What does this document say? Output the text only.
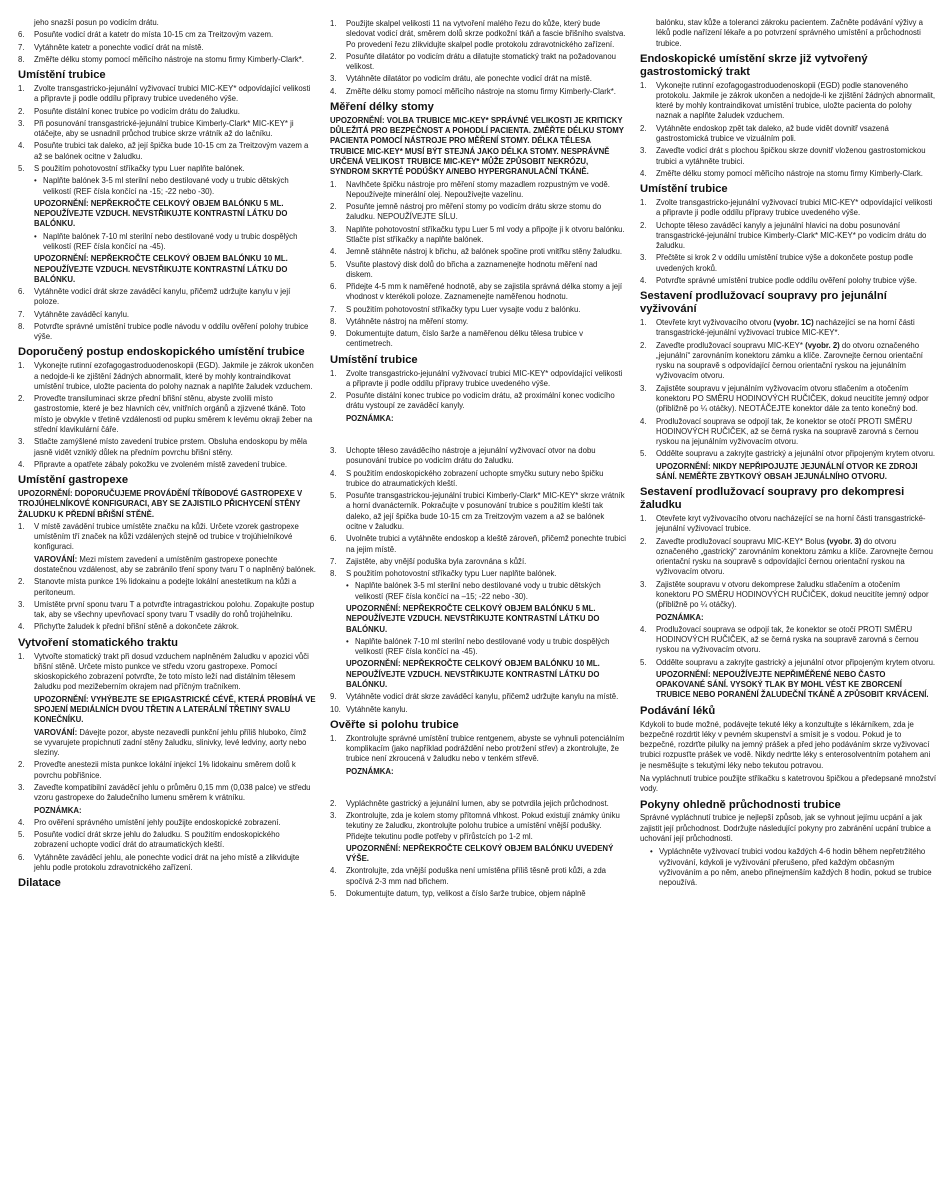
jeho snazší posun po vodicím drátu.
6.	Posuňte vodicí drát a katetr do místa 10-15 cm za Treitzovým vazem.
7.	Vytáhněte katetr a ponechte vodicí drát na místě.
8.	Změřte délku stomy pomocí měřicího nástroje na stomu firmy Kimberly-Clark*.
Umístění trubice
1.	Zvolte transgastricko-jejunální vyživovací trubici MIC-KEY* odpovídající velikosti a připravte ji podle oddílu přípravy trubice uvedeného výše.
2.	Posuňte distální konec trubice po vodicím drátu do žaludku.
3.	Při posunování transgastrické-jejunální trubice Kimberly-Clark* MIC-KEY* ji otáčejte, aby se usnadnil průchod trubice skrze vrátník až do lačníku.
4.	Posuňte trubici tak daleko, až její špička bude 10-15 cm za Treitzovým vazem a až se balónek ocitne v žaludku.
5.	S použitím pohotovostní stříkačky typu Luer naplňte balónek.
• Naplňte balónek 3-5 ml sterilní nebo destilované vody u trubic dětských velikostí (REF čísla končící na -15; -22 nebo -30).

UPOZORNĚNÍ: NEPŘEKROČTE CELKOVÝ OBJEM BALÓNKU 5 ML. NEPOUŽÍVEJTE VZDUCH. NEVSTŘIKUJTE KONTRASTNÍ LÁTKU DO BALÓNKU.

• Naplňte balónek 7-10 ml sterilní nebo destilované vody u trubic dospělých velikostí (REF čísla končící na -45).

UPOZORNĚNÍ: NEPŘEKROČTE CELKOVÝ OBJEM BALÓNKU 10 ML. NEPOUŽÍVEJTE VZDUCH. NEVSTŘIKUJTE KONTRASTNÍ LÁTKU DO BALÓNKU.

6.	Vytáhněte vodicí drát skrze zaváděcí kanylu, přičemž udržujte kanylu v její poloze.
7.	Vytáhněte zaváděcí kanylu.
8.	Potvrďte správné umístění trubice podle návodu v oddílu ověření polohy trubice výše.
Doporučený postup endoskopického umístění trubice
1.	Vykonejte rutinní ezofagogastroduodenoskopii (EGD). Jakmile je zákrok ukončen a nedojde-li ke zjištění žádných abnormalit, které by mohly kontraindikovat umístění trubice, uložte pacienta do polohy naznak a naplňte žaludek vzduchem.
2.	Proveďte transiluminaci skrze přední břišní stěnu, abyste zvolili místo gastrostomie, které je bez hlavních cév, vnitřních orgánů a zjizvené tkáně. Toto místo je obvykle v třetině vzdálenosti od pupku směrem k levému okraji žeber na střední klavikulární čáře.
3.	Stlačte zamýšlené místo zavedení trubice prstem. Obsluha endoskopu by měla jasně vidět vzniklý důlek na předním povrchu břišní stěny.
4.	Připravte a opatřete zábaly pokožku ve zvoleném místě zavedení trubice.
Umístění gastropexe

UPOZORNĚNÍ: DOPORUČUJEME PROVÁDĚNÍ TŘÍBODOVÉ GASTROPEXE V TROJÚHELNÍKOVÉ KONFIGURACI, ABY SE ZAJISTILO PŘICHYCENÍ STĚNY ŽALUDKU K PŘEDNÍ BŘIŠNÍ STĚNĚ.

1.	V místě zavádění trubice umístěte značku na kůži. Určete vzorek gastropexe umístěním tří značek na kůži vzdálených stejně od trubice v trojúhielníkové konfiguraci.
VAROVÁNÍ: Mezi místem zavedení a umístěním gastropexe ponechte dostatečnou vzdálenost, aby se zabránilo tření spony tvaru T o naplněný balónek.
2.	Stanovte místa punkce 1% lidokainu a podejte lokální anestetikum na kůži a peritoneum.
3.	Umístěte první sponu tvaru T a potvrďte intragastrickou polohu. Zopakujte postup tak, aby se všechny upevňovací spony tvaru T vsadily do rohů trojúhelniku.
4.	Přichyťte žaludek k přední břišní stěně a dokončete zákrok.
Vytvoření stomatického traktu
1.	Vytvořte stomatický trakt při dosud vzduchem naplněném žaludku v apozici vůči břišní stěně. Určete místo punkce ve středu vzoru gastropexe. Pomocí skioskopického zobrazení potvrďte, že toto místo leží nad distálním tělesem žaludku pod mezižeberním okrajem nad příčným tračníkem.

UPOZORNĚNÍ: VYHÝBEJTE SE EPIGASTRICKÉ CÉVĚ, KTERÁ PROBÍHÁ VE SPOJENÍ MEDIÁLNÍCH DVOU TŘETIN A LATERÁLNÍ TŘETINY SVALU KONEČNÍKU.

VAROVÁNÍ: Dávejte pozor, abyste nezavedli punkční jehlu příliš hluboko, čímž se vyvarujete propichnutí zadní stěny žaludku, slinivky, levé ledviny, aorty nebo sleziny.
2.	Proveďte anestezii místa punkce lokální injekcí 1% lidokainu směrem dolů k povrchu pobřišnice.
3.	Zaveďte kompatibilní zaváděcí jehlu o průměru 0,15 mm (0,038 palce) ve středu vzoru gastropexe do žaludečního lumenu směrem k vrátníku.

POZNÁMKA:

4.	Pro ověření správného umístění jehly použijte endoskopické zobrazení.
5.	Posuňte vodicí drát skrze jehlu do žaludku. S použitím endoskopického zobrazení uchopte vodicí drát do atraumatických kleští.
6.	Vytáhněte zaváděcí jehlu, ale ponechte vodicí drát na jeho místě a zlikvidujte jehlu podle protokolu zdravotnického zařízení.
Dilatace
1.	Použijte skalpel velikosti 11 na vytvoření malého řezu do kůže, který bude sledovat vodicí drát, směrem dolů skrze podkožní tkáň a fascie břišního svalstva. Po provedení řezu zlikvidujte skalpel podle protokolu zdravotnického zařízení.
2.	Posuňte dilatátor po vodicím drátu a dilatujte stomatický trakt na požadovanou velikost.
3.	Vytáhněte dilatátor po vodicím drátu, ale ponechte vodicí drát na místě.
4.	Změřte délku stomy pomocí měřicího nástroje na stomu firmy Kimberly-Clark*.
Měření délky stomy

UPOZORNĚNÍ: VOLBA TRUBICE MIC-KEY* SPRÁVNÉ VELIKOSTI JE KRITICKY DŮLEŽITÁ PRO BEZPEČNOST A POHODLÍ PACIENTA. ZMĚŘTE DÉLKU STOMY PACIENTA POMOCÍ NÁSTROJE PRO MĚŘENÍ STOMY. DÉLKA TĚLESA TRUBICE MIC-KEY* MUSÍ BÝT STEJNÁ JAKO DÉLKA STOMY. NESPRÁVNĚ URČENÁ VELIKOST TRUBICE MIC-KEY* MŮŽE ZPŮSOBIT NEKRÓZU, SYNDROM SKRYTÉ PODÚŠKY A/NEBO HYPERGRANULAČNÍ TKÁNĚ.

1.	Navlhčete špičku nástroje pro měření stomy mazadlem rozpustným ve vodě. Nepoužívejte minerální olej. Nepoužívejte vazelínu.
2.	Posuňte jemně nástroj pro měření stomy po vodicím drátu skrze stomu do žaludku. NEPOUŽÍVEJTE SÍLU.
3.	Naplňte pohotovostní stříkačku typu Luer 5 ml vody a připojte ji k otvoru balónku. Stlačte píst stříkačky a naplňte balónek.
4.	Jemně stáhněte nástroj k břichu, až balónek spočine proti vnitřku stěny žaludku.
5.	Vsuňte plastový disk dolů do břicha a zaznamenejte hodnotu měření nad diskem.
6.	Přidejte 4-5 mm k naměřené hodnotě, aby se zajistila správná délka stomy a její vhodnost v kterékoli poloze. Zaznamenejte naměřenou hodnotu.
7.	S použitím pohotovostní stříkačky typu Luer vysajte vodu z balónku.
8.	Vytáhněte nástroj na měření stomy.
9.	Dokumentujte datum, číslo šarže a naměřenou délku tělesa trubice v centimetrech.
Umístění trubice
1.	Zvolte transgastricko-jejunální vyživovací trubici MIC-KEY* odpovídající velikosti a připravte ji podle oddílu přípravy trubice uvedeného výše.
2.	Posuňte distální konec trubice po vodicím drátu, až proximální konec vodicího drátu vystoupí ze zaváděcí kanyly.

POZNÁMKA:

3.	Uchopte těleso zaváděcího nástroje a jejunální vyživovací otvor na dobu posunování trubice po vodicím drátu do žaludku.
4.	S použitím endoskopického zobrazení uchopte smyčku sutury nebo špičku trubice do atraumatických kleští.
5.	Posuňte transgastrickou-jejunální trubici Kimberly-Clark* MIC-KEY* skrze vrátník a horní dvanácterník. Pokračujte v posunování trubice s použitím kleští tak daleko, až její špička bude 10-15 cm za Treitzovým vazem a až se balónek ocitne v žaludku.
6.	Uvolněte trubici a vytáhněte endoskop a kleště zároveň, přičemž ponechte trubici na jejim místě.
7.	Zajistěte, aby vnější poduška byla zarovnána s kůží.
8.	S použitím pohotovostní stříkačky typu Luer naplňte balónek.
• Naplňte balónek 3-5 ml sterilní nebo destilované vody u trubic dětských velikostí (REF čísla končící na –15; -22 nebo -30).

UPOZORNĚNÍ: NEPŘEKROČTE CELKOVÝ OBJEM BALÓNKU 5 ML. NEPOUŽÍVEJTE VZDUCH. NEVSTŘIKUJTE KONTRASTNÍ LÁTKU DO BALÓNKU.

• Naplňte balónek 7-10 ml sterilní nebo destilované vody u trubic dospělých velikostí (REF čísla končící na -45).

UPOZORNĚNÍ: NEPŘEKROČTE CELKOVÝ OBJEM BALÓNKU 10 ML. NEPOUŽÍVEJTE VZDUCH. NEVSTŘIKUJTE KONTRASTNÍ LÁTKU DO BALÓNKU.

9.	Vytáhněte vodicí drát skrze zaváděcí kanylu, přičemž udržujte kanylu na místě.
10. Vytáhněte kanylu.
Ověřte si polohu trubice
1.	Zkontrolujte správné umístění trubice rentgenem, abyste se vyhnuli potenciálním komplikacím (jako například podráždění nebo protržení střev) a zkontrolujte, že trubice není zkroucená v žaludku nebo v tenkém střevě.

POZNÁMKA:

2.	Vypláchněte gastrický a jejunální lumen, aby se potvrdila jejich průchodnost.
3.	Zkontrolujte, zda je kolem stomy přítomná vlhkost. Pokud existují známky úniku tekutiny ze žaludku, zkontrolujte polohu trubice a umístění vnější podušky. Přidejte tekutinu podle potřeby v přírůstcích po 1-2 ml.

UPOZORNĚNÍ: NEPŘEKROČTE CELKOVÝ OBJEM BALÓNKU UVEDENÝ VÝŠE.

4.	Zkontrolujte, zda vnější poduška není umístěna příliš těsně proti kůži, a zda spočívá 2-3 mm nad břichem.
5.	Dokumentujte datum, typ, velikost a číslo šarže trubice, objem náplně
balónku, stav kůže a toleranci zákroku pacientem. Začněte podávání výživy a léků podle nařízení lékaře a po potvrzení správného umístění a průchodnosti trubice.
Endoskopické umístění skrze již vytvořený gastrostomický trakt
1.	Vykonejte rutinní ezofagogastroduodenoskopii (EGD) podle stanoveného protokolu. Jakmile je zákrok ukončen a nedojde-li ke zjištění žádných abnormalit, které by mohly kontraindikovat umístění trubice, uložte pacienta do polohy naznak a naplňte žaludek vzduchem.
2.	Vytáhněte endoskop zpět tak daleko, až bude vidět dovnitř vsazená gastrostomická trubice ve vizuálním poli.
3.	Zaveďte vodicí drát s plochou špičkou skrze dovnitř vloženou gastrostomickou trubici a vytáhněte trubici.
4.	Změřte délku stomy pomocí měřicího nástroje na stomu firmy Kimberly-Clark.
Umístění trubice
1.	Zvolte transgastricko-jejunální vyživovací trubici MIC-KEY* odpovídající velikosti a připravte ji podle oddílu přípravy trubice uvedeného výše.
2.	Uchopte těleso zaváděcí kanyly a jejunální hlavici na dobu posunování transgastrické-jejunální trubice Kimberly-Clark* MIC-KEY* po vodicím drátu do žaludku.
3.	Přečtěte si krok 2 v oddílu umístění trubice výše a dokončete postup podle uvedených kroků.
4.	Potvrďte správné umístění trubice podle oddílu ověření polohy trubice výše.
Sestavení prodlužovací soupravy pro jejunální vyživování
1.	Otevřete kryt vyživovacího otvoru (vyobr. 1C) nacházející se na horní části transgastrické-jejunální vyživovací trubice MIC-KEY*.
2.	Zaveďte prodlužovací soupravu MIC-KEY* (vyobr. 2) do otvoru označeného „jejunální“ zarovnáním konektoru zámku a klíče. Zarovnejte černou orientační rysku na soupravě s odpovídající černou orientační ryskou na jejunálním vyživovacím otvoru.
3.	Zajistěte soupravu v jejunálním vyživovacím otvoru stlačením a otočením konektoru PO SMĚRU HODINOVÝCH RUČIČEK, dokud neucitíte jemný odpor (přibližně po ¼ otáčky). NEOTÁČEJTE konektor dále za tento konečný bod.
4.	Prodlužovací souprava se odpojí tak, že konektor se otočí PROTI SMĚRU HODINOVÝCH RUČIČEK, až se černá ryska na soupravě zarovná s černou ryskou na jejunálním vyživovacím otvoru.
5.	Oddělte soupravu a zakryjte gastrický a jejunální otvor připojeným krytem otvoru.

UPOZORNĚNÍ: NIKDY NEPŘIPOJUJTE JEJUNÁLNÍ OTVOR KE ZDROJI SÁNÍ. NEMĚŘTE ZBYTKOVÝ OBSAH JEJUNÁLNÍHO OTVORU.

Sestavení prodlužovací soupravy pro dekompresi žaludku
1.	Otevřete kryt vyživovacího otvoru nacházející se na horní části transgastrické-jejunální vyživovací trubice.
2.	Zaveďte prodlužovací soupravu MIC-KEY* Bolus (vyobr. 3) do otvoru označeného „gastrický“ zarovnáním konektoru zámku a klíče. Zarovnejte černou orientační rysku na soupravě s odpovídající černou orientační ryskou na vyživovacím otvoru.
3.	Zajistěte soupravu v otvoru dekomprese žaludku stlačením a otočením konektoru PO SMĚRU HODINOVÝCH RUČIČEK, dokud neucitíte jemný odpor (přibližně po ¼ otáčky).

POZNÁMKA:

4.	Prodlužovací souprava se odpojí tak, že konektor se otočí PROTI SMĚRU HODINOVÝCH RUČIČEK, až se černá ryska na soupravě zarovná s černou ryskou na vyživovacím otvoru.
5.	Oddělte soupravu a zakryjte gastrický a jejunální otvor připojeným krytem otvoru.

UPOZORNĚNÍ: NEPOUŽÍVEJTE NEPŘIMĚŘENÉ NEBO ČASTO OPAKOVANÉ SÁNÍ. VYSOKÝ TLAK BY MOHL VÉST KE ZBORCENÍ TRUBICE NEBO PORANĚNÍ ŽALUDEČNÍ TKÁNĚ A ZPŮSOBIT KRVÁCENÍ.

Podávání léků

Kdykoli to bude možné, podávejte tekuté léky a konzultujte s lékárníkem, zda je bezpečné rozdrtit léky v pevném skupenství a smísit je s vodou. Pokud je to bezpečné, rozdrťte pilulky na jemný prášek a před jeho podáváním skrze vyživovací trubici rozpusťte prášek ve vodě. Nikdy nedrtte léky s enterosolventním potahem ani je nesměšujte s tekutými léky nebo tekutou potravou.

Na vypláchnutí trubice použijte stříkačku s katetrovou špičkou a předepsané množství vody.

Pokyny ohledně průchodnosti trubice

Správné vypláchnutí trubice je nejlepší způsob, jak se vyhnout jejímu ucpání a jak zajistit její průchodnost. Dodržujte následující pokyny pro zabránění ucpání trubice a uchování její průchodnosti.

• Vypláchněte vyživovací trubici vodou každých 4-6 hodin během nepřetržitého vyživování, kdykoli je vyživování přerušeno, před každým občasným vyživováním a po něm, anebo přinejmenším každých 8 hodin, pokud se trubice nepoužívá.
